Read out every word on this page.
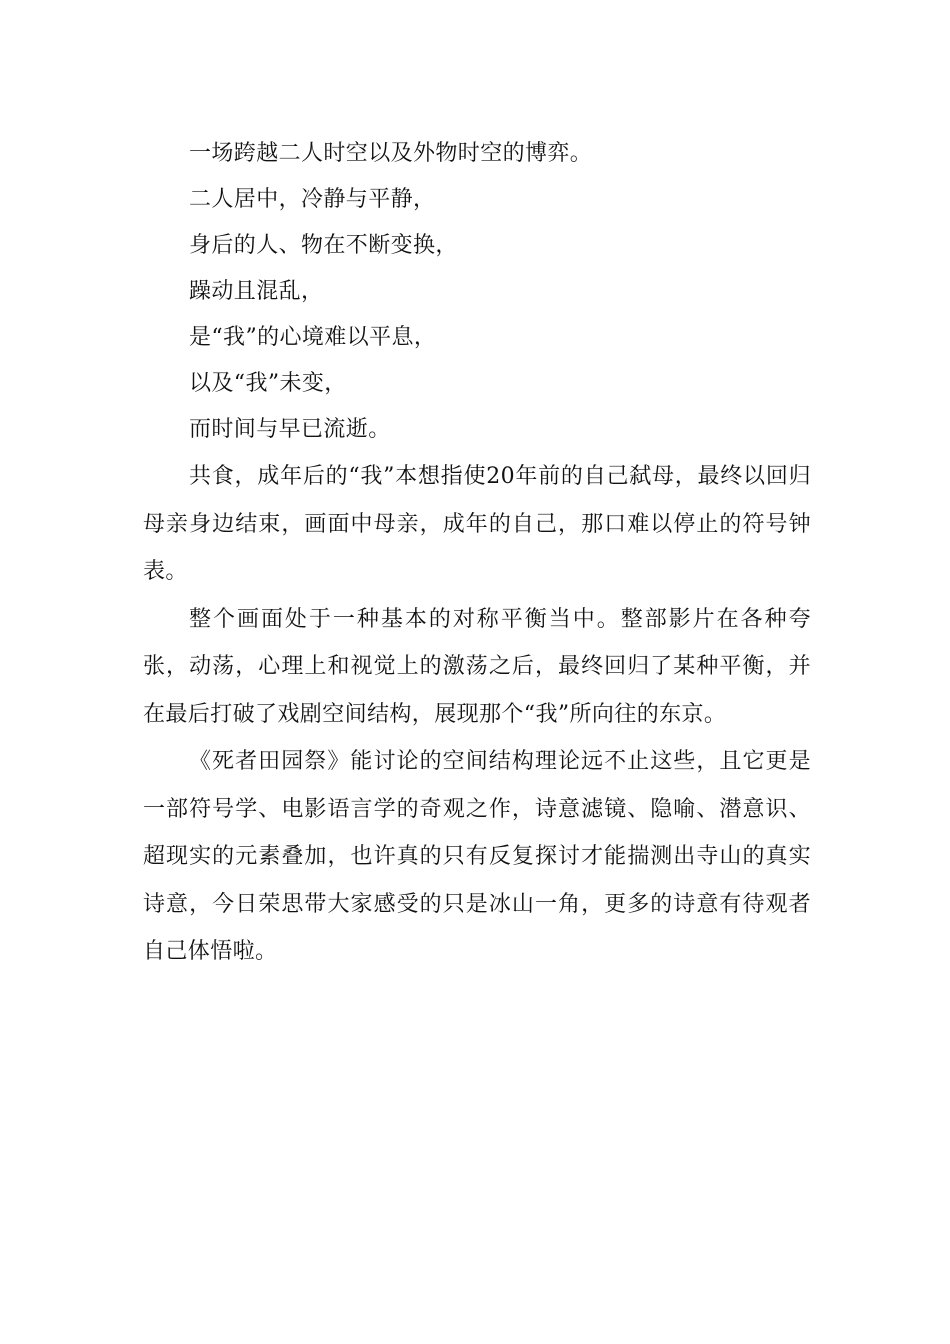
一场跨越二人时空以及外物时空的博弈。
二人居中，冷静与平静，
身后的人、物在不断变换，
躁动且混乱，
是“我”的心境难以平息，
以及“我”未变，
而时间与早已流逝。

共食，成年后的“我”本想指使20年前的自己弑母，最终以回归母亲身边结束，画面中母亲，成年的自己，那口难以停止的符号钟表。

整个画面处于一种基本的对称平衡当中。整部影片在各种夸张，动荡，心理上和视觉上的激荡之后，最终回归了某种平衡，并在最后打破了戏剧空间结构，展现那个“我”所向往的东京。

《死者田园祭》能讨论的空间结构理论远不止这些，且它更是一部符号学、电影语言学的奇观之作，诗意滤镜、隐喻、潜意识、超现实的元素叠加，也许真的只有反复探讨才能揣测出寺山的真实诗意，今日荣思带大家感受的只是冰山一角，更多的诗意有待观者自己体悟啦。
